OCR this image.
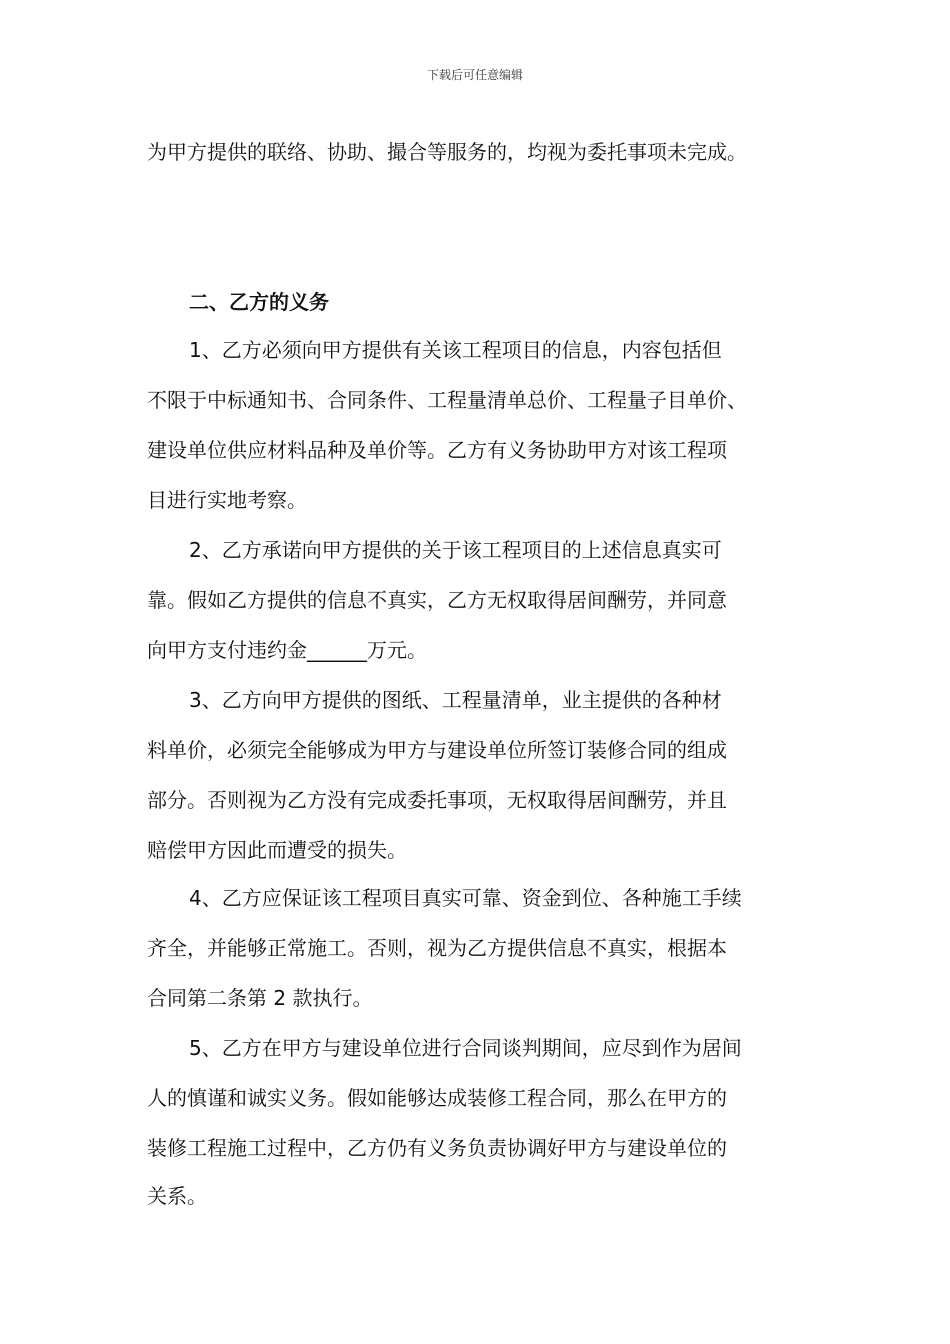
下载后可任意编辑
为甲方提供的联络、协助、撮合等服务的，均视为委托事项未完成。
二、乙方的义务
1、乙方必须向甲方提供有关该工程项目的信息，内容包括但
不限于中标通知书、合同条件、工程量清单总价、工程量子目单价、
建设单位供应材料品种及单价等。乙方有义务协助甲方对该工程项
目进行实地考察。
2、乙方承诺向甲方提供的关于该工程项目的上述信息真实可
靠。假如乙方提供的信息不真实，乙方无权取得居间酬劳，并同意
向甲方支付违约金______万元。
3、乙方向甲方提供的图纸、工程量清单，业主提供的各种材
料单价，必须完全能够成为甲方与建设单位所签订装修合同的组成
部分。否则视为乙方没有完成委托事项，无权取得居间酬劳，并且
赔偿甲方因此而遭受的损失。
4、乙方应保证该工程项目真实可靠、资金到位、各种施工手续
齐全，并能够正常施工。否则，视为乙方提供信息不真实，根据本
合同第二条第 2 款执行。
5、乙方在甲方与建设单位进行合同谈判期间，应尽到作为居间
人的慎谨和诚实义务。假如能够达成装修工程合同，那么在甲方的
装修工程施工过程中，乙方仍有义务负责协调好甲方与建设单位的
关系。
